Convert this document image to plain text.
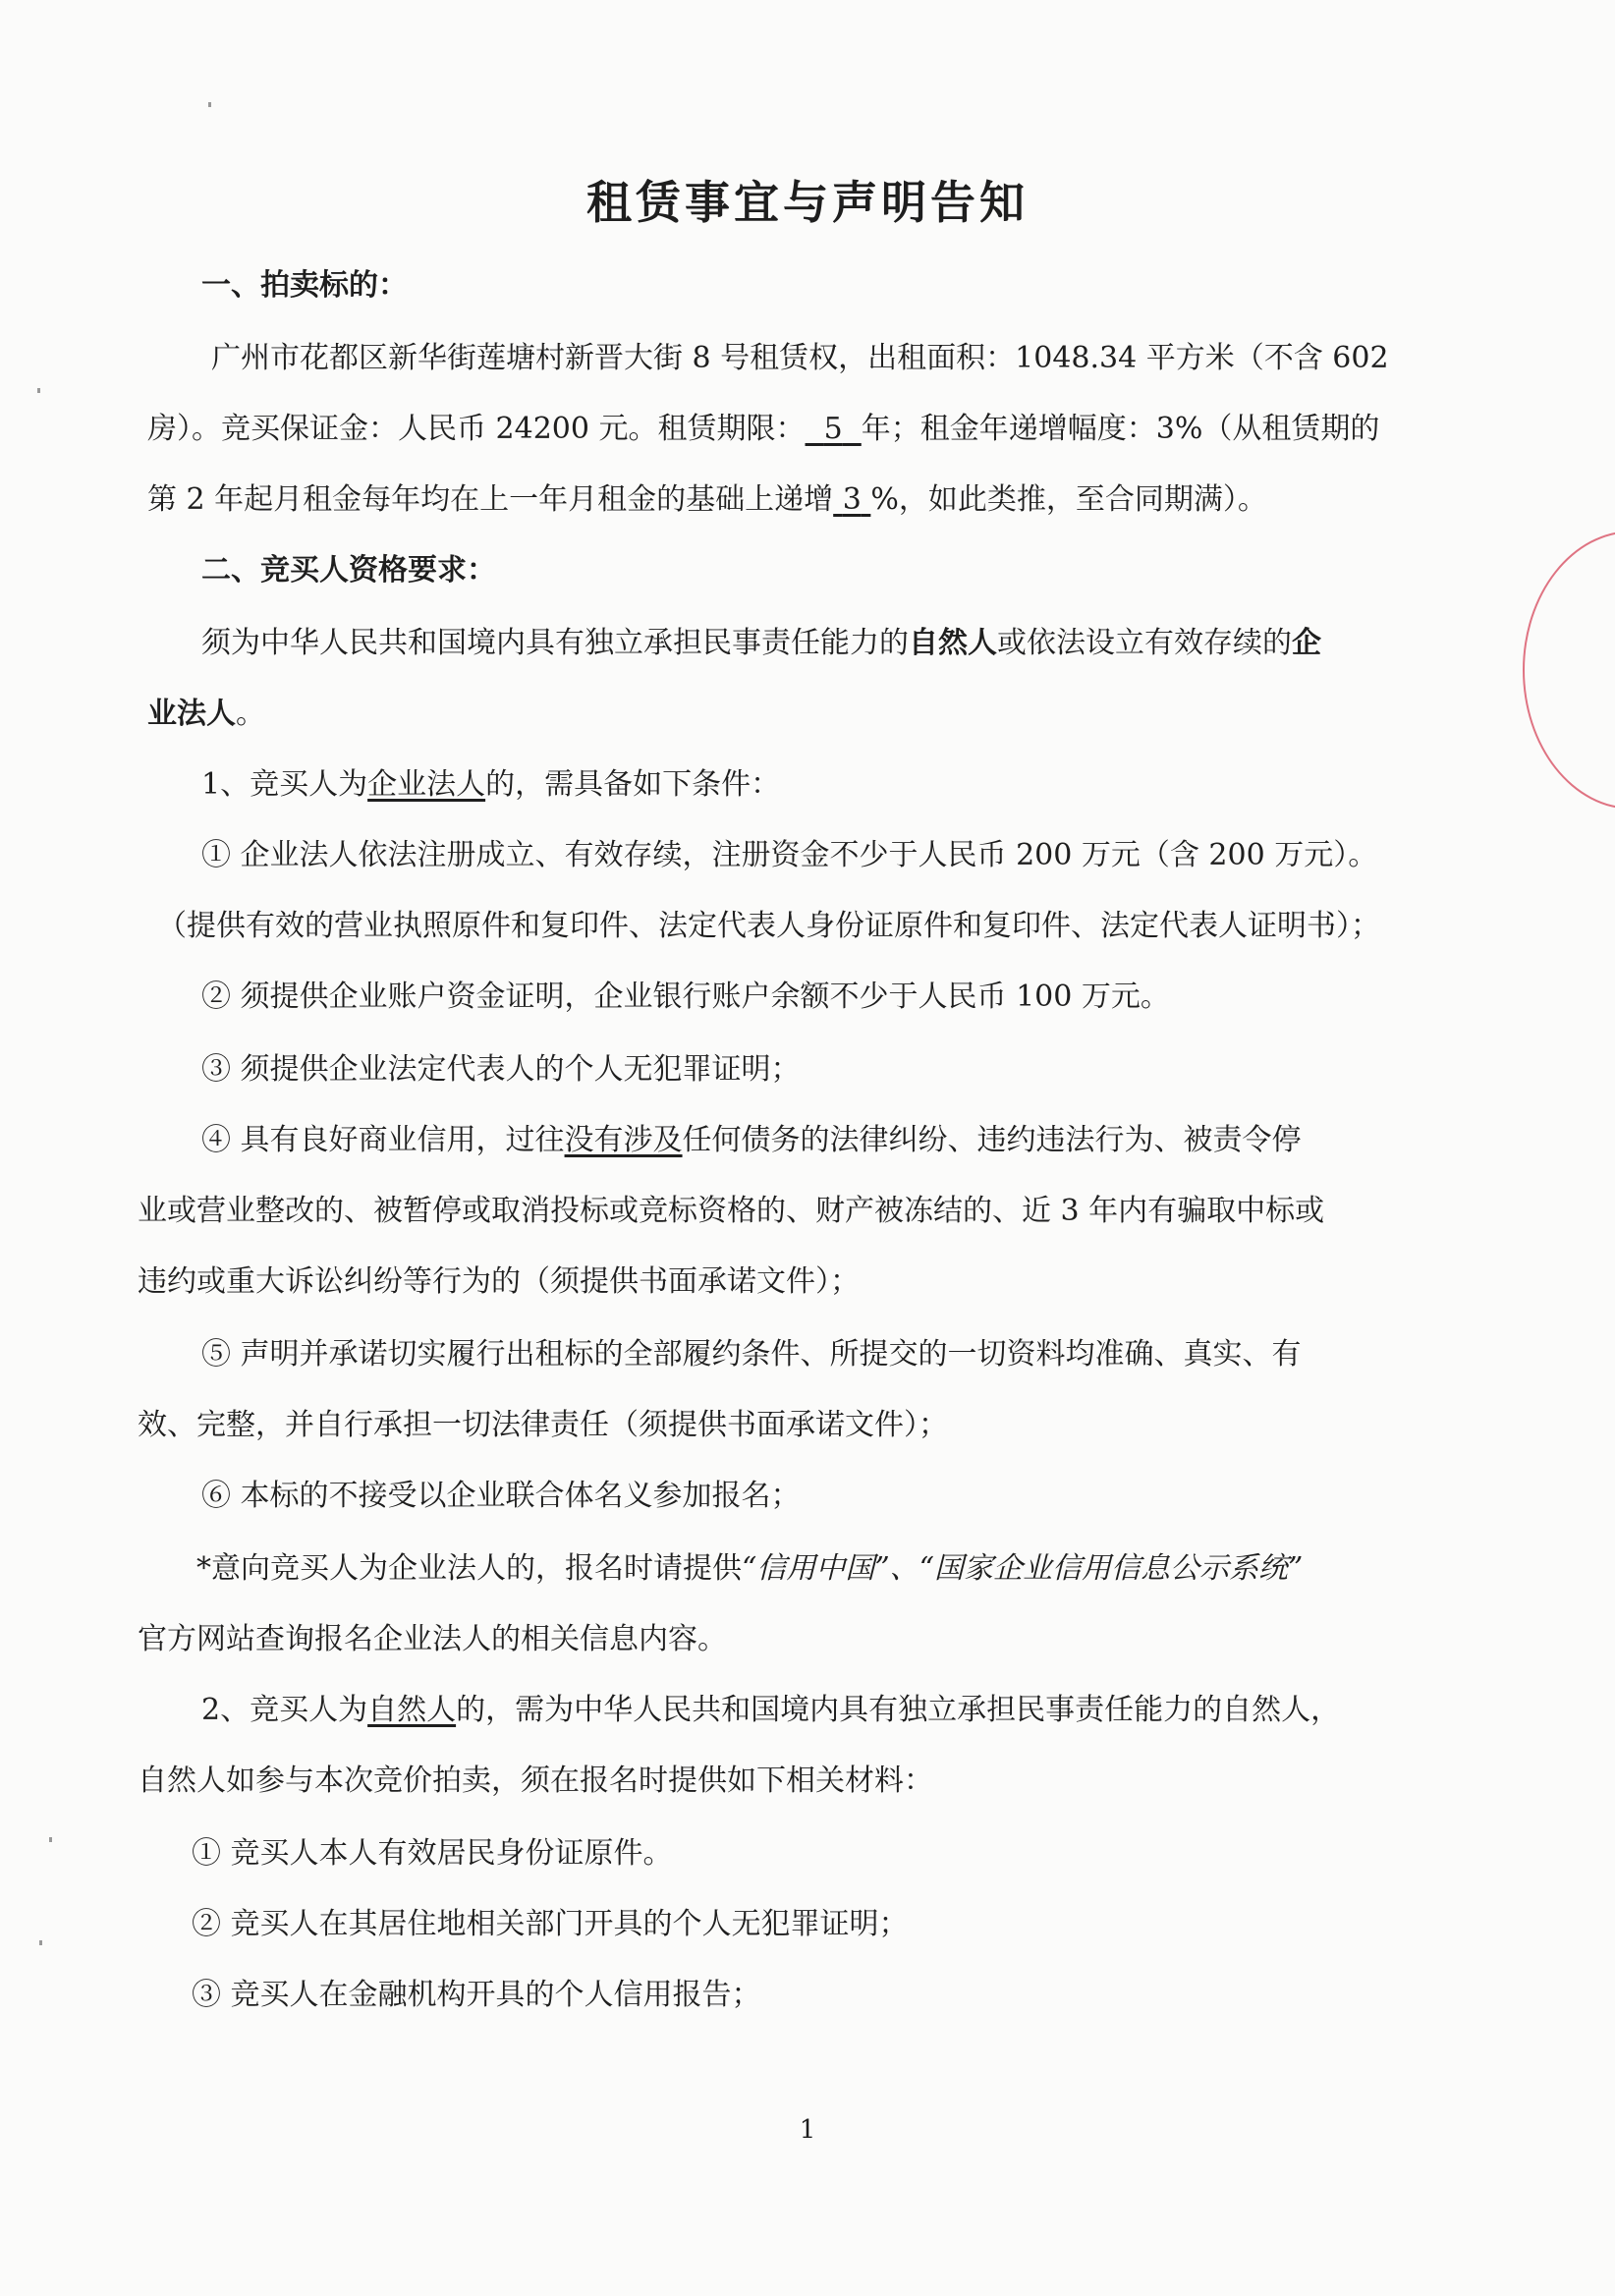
租赁事宜与声明告知
一、拍卖标的：
广州市花都区新华街莲塘村新晋大街 8 号租赁权，出租面积：1048.34 平方米（不含 602
房）。竞买保证金：人民币 24200 元。租赁期限： 5 年；租金年递增幅度：3%（从租赁期的
第 2 年起月租金每年均在上一年月租金的基础上递增 3 %，如此类推，至合同期满）。
二、竞买人资格要求：
须为中华人民共和国境内具有独立承担民事责任能力的自然人或依法设立有效存续的企
业法人。
1、竞买人为企业法人的，需具备如下条件：
① 企业法人依法注册成立、有效存续，注册资金不少于人民币 200 万元（含 200 万元）。
（提供有效的营业执照原件和复印件、法定代表人身份证原件和复印件、法定代表人证明书）；
② 须提供企业账户资金证明，企业银行账户余额不少于人民币 100 万元。
③ 须提供企业法定代表人的个人无犯罪证明；
④ 具有良好商业信用，过往没有涉及任何债务的法律纠纷、违约违法行为、被责令停
业或营业整改的、被暂停或取消投标或竞标资格的、财产被冻结的、近 3 年内有骗取中标或
违约或重大诉讼纠纷等行为的（须提供书面承诺文件）；
⑤ 声明并承诺切实履行出租标的全部履约条件、所提交的一切资料均准确、真实、有
效、完整，并自行承担一切法律责任（须提供书面承诺文件）；
⑥ 本标的不接受以企业联合体名义参加报名；
*意向竞买人为企业法人的，报名时请提供“信用中国”、“国家企业信用信息公示系统”
官方网站查询报名企业法人的相关信息内容。
2、竞买人为自然人的，需为中华人民共和国境内具有独立承担民事责任能力的自然人，
自然人如参与本次竞价拍卖，须在报名时提供如下相关材料：
① 竞买人本人有效居民身份证原件。
② 竞买人在其居住地相关部门开具的个人无犯罪证明；
③ 竞买人在金融机构开具的个人信用报告；
1
